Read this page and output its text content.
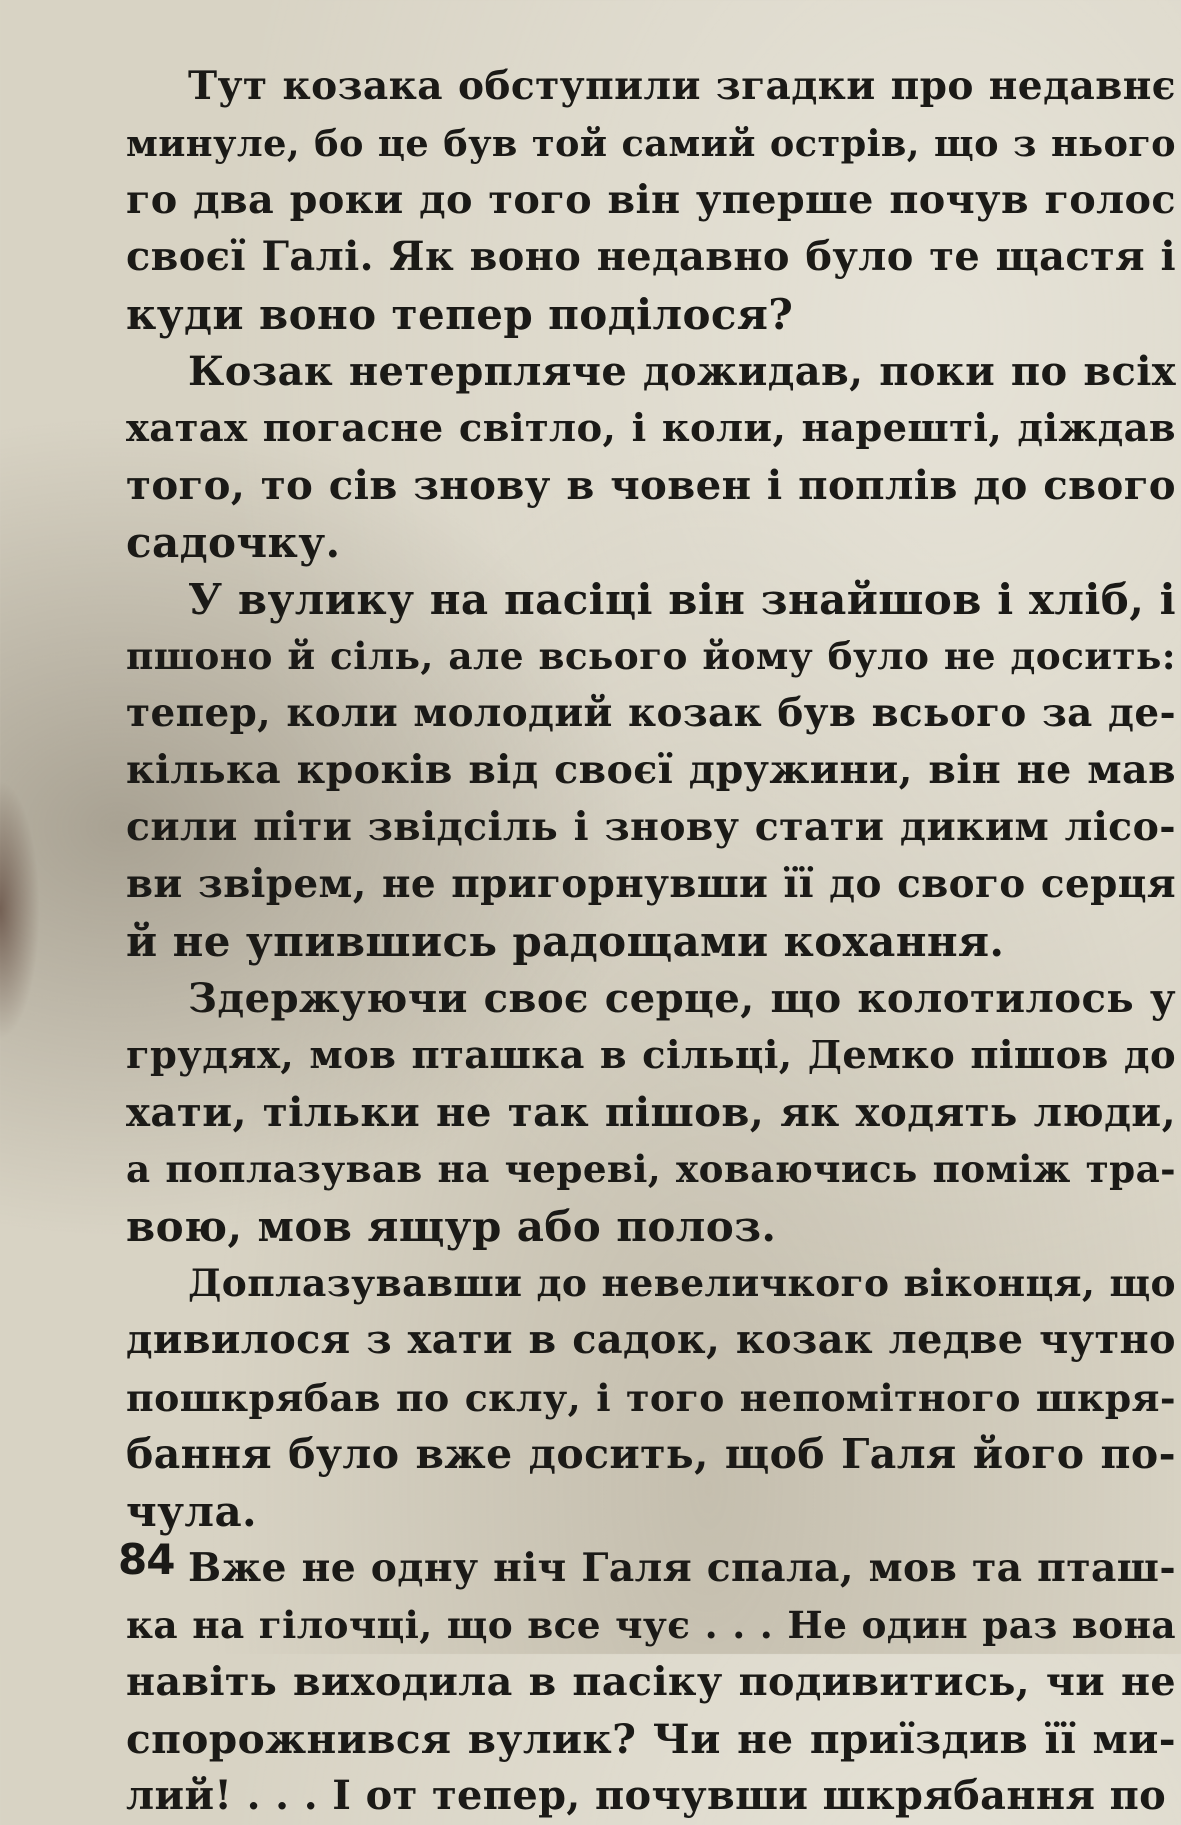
Тут козака обступили згадки про недавнє
минуле, бо це був той самий острів, що з нього
го два роки до того він уперше почув голос
своєї Галі. Як воно недавно було те щастя і
куди воно тепер поділося?

Козак нетерпляче дожидав, поки по всіх
хатах погасне світло, і коли, нарешті, діждав
того, то сів знову в човен і поплів до свого
садочку.

У вулику на пасіці він знайшов і хліб, і
пшоно й сіль, але всього йому було не досить:
тепер, коли молодий козак був всього за де-
кілька кроків від своєї дружини, він не мав
сили піти звідсіль і знову стати диким лісо-
ви звірем, не пригорнувши її до свого серця
й не упившись радощами кохання.

Здержуючи своє серце, що колотилось у
грудях, мов пташка в сільці, Демко пішов до
хати, тільки не так пішов, як ходять люди,
а поплазував на череві, ховаючись поміж тра-
вою, мов ящур або полоз.

Доплазувавши до невеличкого віконця, що
дивилося з хати в садок, козак ледве чутно
пошкрябав по склу, і того непомітного шкря-
бання було вже досить, щоб Галя його по-
чула.

Вже не одну ніч Галя спала, мов та пташ-
ка на гілочці, що все чує . . . Не один раз вона
навіть виходила в пасіку подивитись, чи не
спорожнився вулик? Чи не приїздив її ми-
лий! . . . І от тепер, почувши шкрябання по

84
